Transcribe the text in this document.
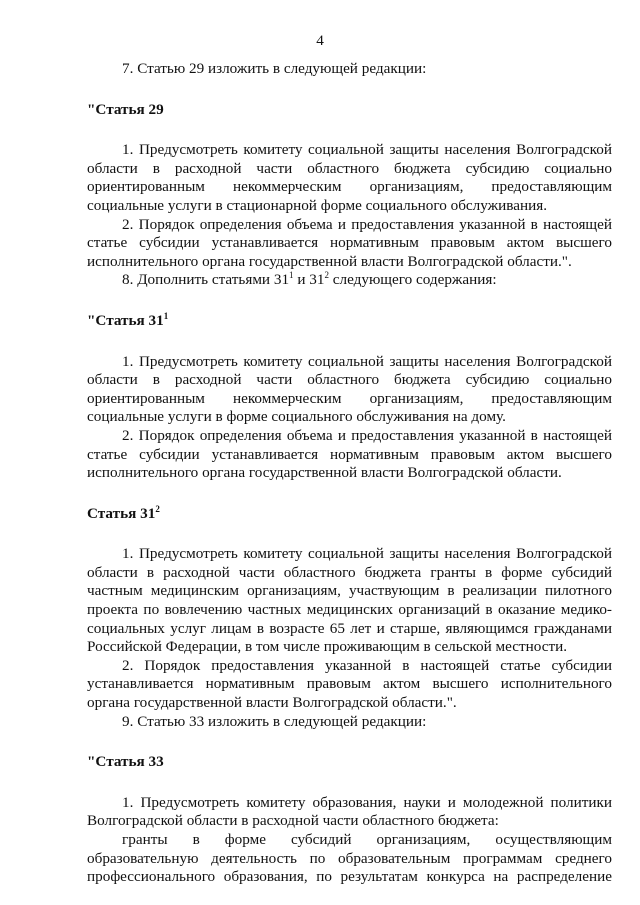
4

7. Статью 29 изложить в следующей редакции:

"Статья 29

1. Предусмотреть комитету социальной защиты населения Волгоградской области в расходной части областного бюджета субсидию социально ориентированным некоммерческим организациям, предоставляющим социальные услуги в стационарной форме социального обслуживания.

2. Порядок определения объема и предоставления указанной в настоящей статье субсидии устанавливается нормативным правовым актом высшего исполнительного органа государственной власти Волгоградской области.".

8. Дополнить статьями $31^1$ и $31^2$ следующего содержания:

"Статья $31^1$

1. Предусмотреть комитету социальной защиты населения Волгоградской области в расходной части областного бюджета субсидию социально ориентированным некоммерческим организациям, предоставляющим социальные услуги в форме социального обслуживания на дому.

2. Порядок определения объема и предоставления указанной в настоящей статье субсидии устанавливается нормативным правовым актом высшего исполнительного органа государственной власти Волгоградской области.

Статья $31^2$

1. Предусмотреть комитету социальной защиты населения Волгоградской области в расходной части областного бюджета гранты в форме субсидий частным медицинским организациям, участвующим в реализации пилотного проекта по вовлечению частных медицинских организаций в оказание медико-социальных услуг лицам в возрасте 65 лет и старше, являющимся гражданами Российской Федерации, в том числе проживающим в сельской местности.

2. Порядок предоставления указанной в настоящей статье субсидии устанавливается нормативным правовым актом высшего исполнительного органа государственной власти Волгоградской области.".

9. Статью 33 изложить в следующей редакции:

"Статья 33

1. Предусмотреть комитету образования, науки и молодежной политики Волгоградской области в расходной части областного бюджета:

гранты в форме субсидий организациям, осуществляющим образовательную деятельность по образовательным программам среднего профессионального образования, по результатам конкурса на распределение
